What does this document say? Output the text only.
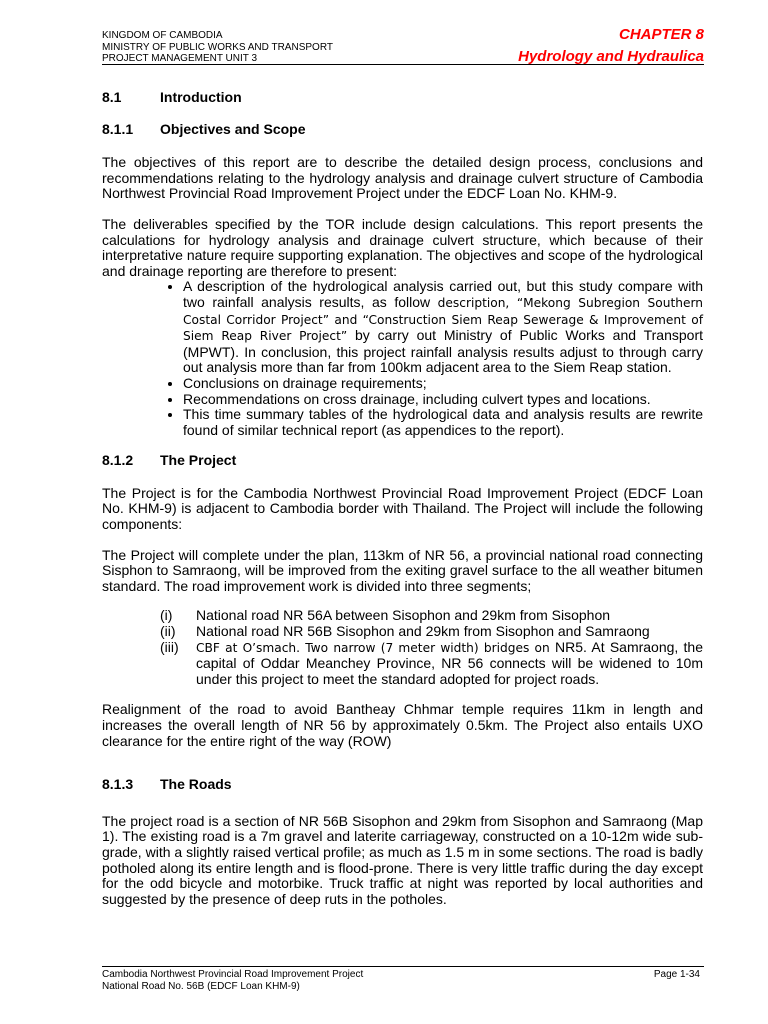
KINGDOM OF CAMBODIA
MINISTRY OF PUBLIC WORKS AND TRANSPORT
PROJECT MANAGEMENT UNIT 3
CHAPTER 8
Hydrology and Hydraulica
8.1	Introduction
8.1.1 Objectives and Scope

The objectives of this report are to describe the detailed design process, conclusions and recommendations relating to the hydrology analysis and drainage culvert structure of Cambodia Northwest Provincial Road Improvement Project under the EDCF Loan No. KHM-9.

The deliverables specified by the TOR include design calculations. This report presents the calculations for hydrology analysis and drainage culvert structure, which because of their interpretative nature require supporting explanation. The objectives and scope of the hydrological and drainage reporting are therefore to present:

• A description of the hydrological analysis carried out, but this study compare with two rainfall analysis results, as follow description, “Mekong Subregion Southern Costal Corridor Project” and “Construction Siem Reap Sewerage & Improvement of Siem Reap River Project” by carry out Ministry of Public Works and Transport (MPWT). In conclusion, this project rainfall analysis results adjust to through carry out analysis more than far from 100km adjacent area to the Siem Reap station.
• Conclusions on drainage requirements;
• Recommendations on cross drainage, including culvert types and locations.
• This time summary tables of the hydrological data and analysis results are rewrite found of similar technical report (as appendices to the report).
8.1.2 The Project

The Project is for the Cambodia Northwest Provincial Road Improvement Project (EDCF Loan No. KHM-9) is adjacent to Cambodia border with Thailand. The Project will include the following components:

The Project will complete under the plan, 113km of NR 56, a provincial national road connecting Sisphon to Samraong, will be improved from the exiting gravel surface to the all weather bitumen standard. The road improvement work is divided into three segments;

(i)	National road NR 56A between Sisophon and 29km from Sisophon
(ii)	National road NR 56B Sisophon and 29km from Sisophon and Samraong
(iii)	CBF at O’smach. Two narrow (7 meter width) bridges on NR5. At Samraong, the capital of Oddar Meanchey Province, NR 56 connects will be widened to 10m under this project to meet the standard adopted for project roads.

Realignment of the road to avoid Bantheay Chhmar temple requires 11km in length and increases the overall length of NR 56 by approximately 0.5km. The Project also entails UXO clearance for the entire right of the way (ROW)

8.1.3 The Roads

The project road is a section of NR 56B Sisophon and 29km from Sisophon and Samraong (Map 1). The existing road is a 7m gravel and laterite carriageway, constructed on a 10-12m wide sub-grade, with a slightly raised vertical profile; as much as 1.5 m in some sections. The road is badly potholed along its entire length and is flood-prone. There is very little traffic during the day except for the odd bicycle and motorbike. Truck traffic at night was reported by local authorities and suggested by the presence of deep ruts in the potholes.

Cambodia Northwest Provincial Road Improvement Project
National Road No. 56B (EDCF Loan KHM-9)
Page 1-34
